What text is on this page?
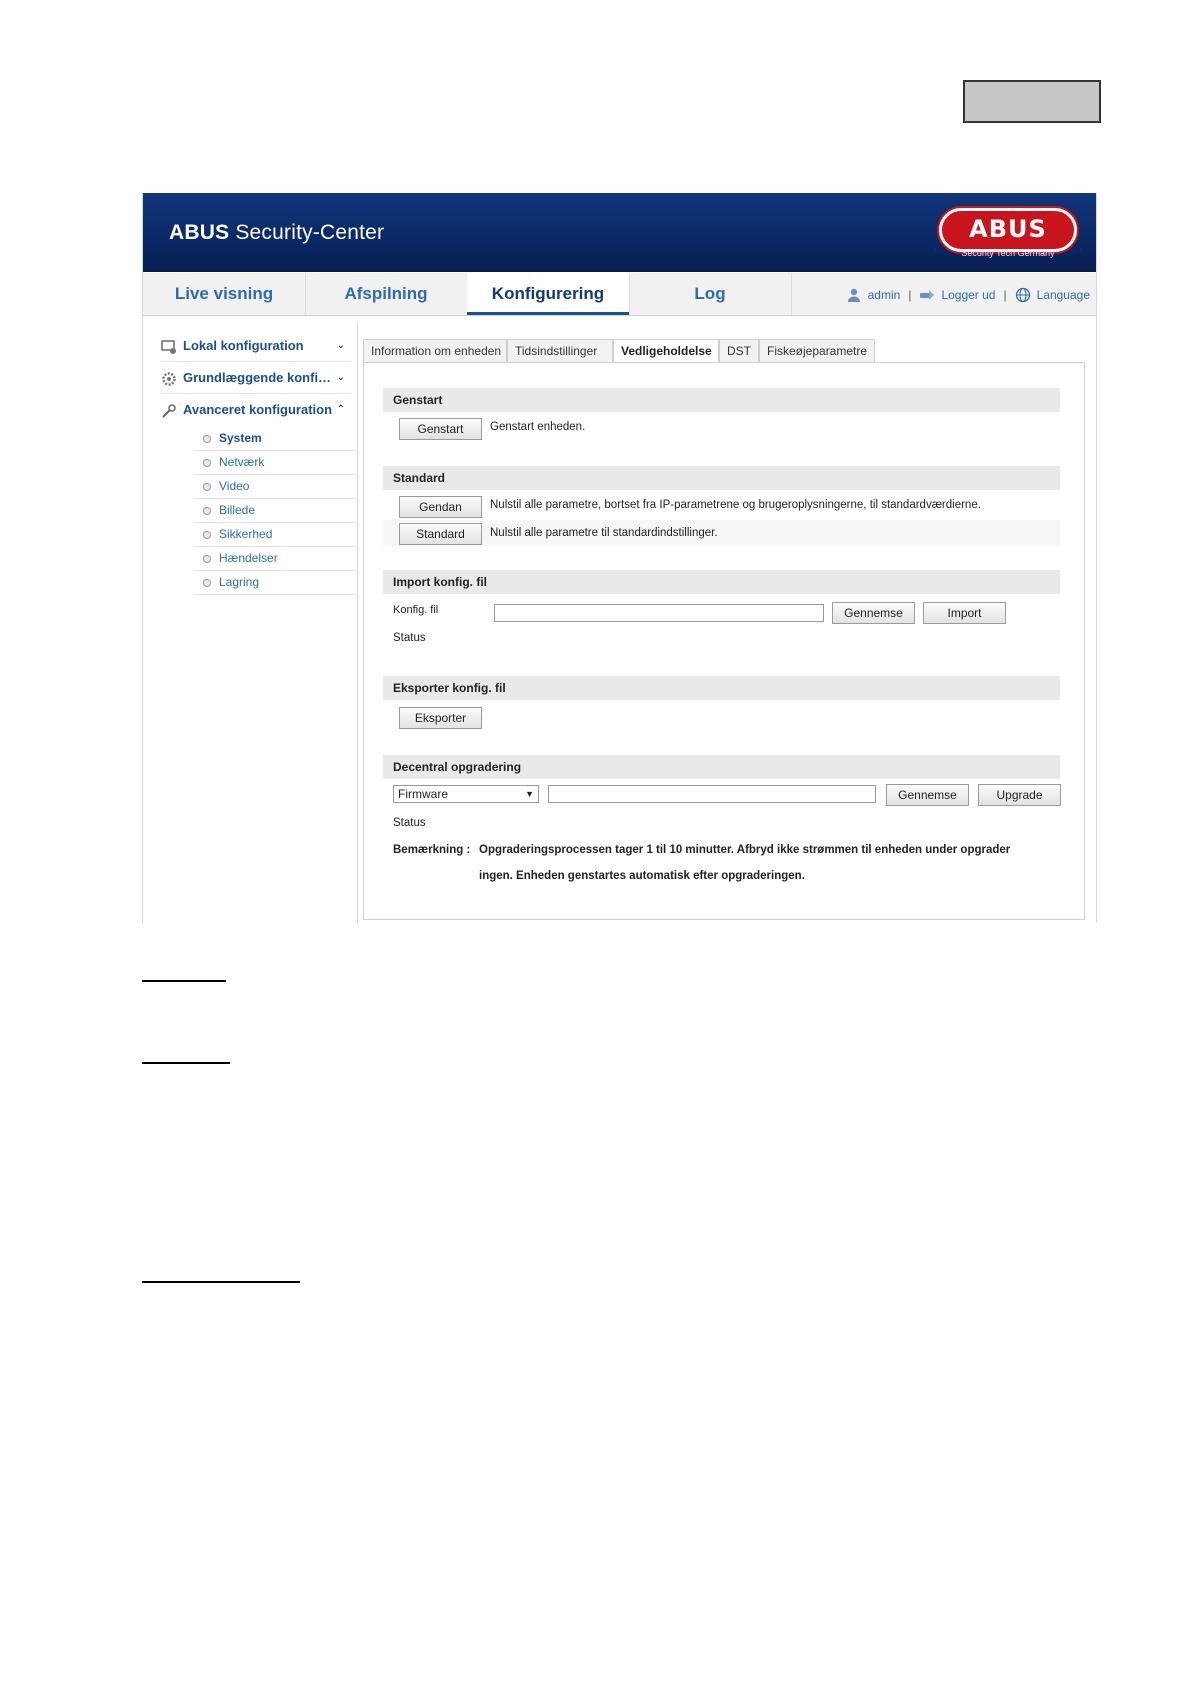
ABUS Security-Center	ABUS
Security Tech Germany
Live visning	Afspilning	Konfigurering	Log	admin |	Logger ud |	Language
Lokal konfiguration	⌄
Grundlæggende konfi… ⌄
Avanceret konfiguration ⌃
System
Netværk
Video
Billede
Sikkerhed
Hændelser
Lagring
Information om enheden	Tidsindstillinger	Vedligeholdelse	DST	Fiskeøjeparametre
Genstart
Genstart	Genstart enheden.
Standard
Gendan	Nulstil alle parametre, bortset fra IP-parametrene og brugeroplysningerne, til standardværdierne.
Standard	Nulstil alle parametre til standardindstillinger.
Import konfig. fil
Konfig. fil	Gennemse	Import
Status
Eksporter konfig. fil
Eksporter
Decentral opgradering
Firmware	▼	Gennemse	Upgrade
Status
Bemærkning : Opgraderingsprocessen tager 1 til 10 minutter. Afbryd ikke strømmen til enheden under opgrader
ingen. Enheden genstartes automatisk efter opgraderingen.
